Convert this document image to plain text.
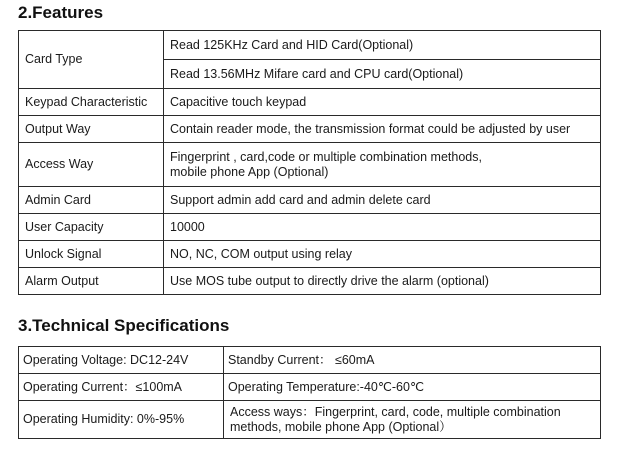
2.Features
Card Type	Read 125KHz Card and HID Card(Optional)
	Read 13.56MHz Mifare card and CPU card(Optional)
Keypad Characteristic	Capacitive touch keypad
Output Way	Contain reader mode, the transmission format could be adjusted by user
Access Way	Fingerprint , card,code or multiple combination methods,
mobile phone App (Optional)

Admin Card	Support admin add card and admin delete card
User Capacity	10000
Unlock Signal	NO, NC, COM output using relay
Alarm Output	Use MOS tube output to directly drive the alarm (optional)
3.Technical Specifications
Operating Voltage: DC12-24V	Standby Current： ≤60mA
Operating Current：≤100mA	Operating Temperature:-40℃-60℃
Operating Humidity: 0%-95%	Access ways：Fingerprint, card, code, multiple combination
methods, mobile phone App (Optional）
